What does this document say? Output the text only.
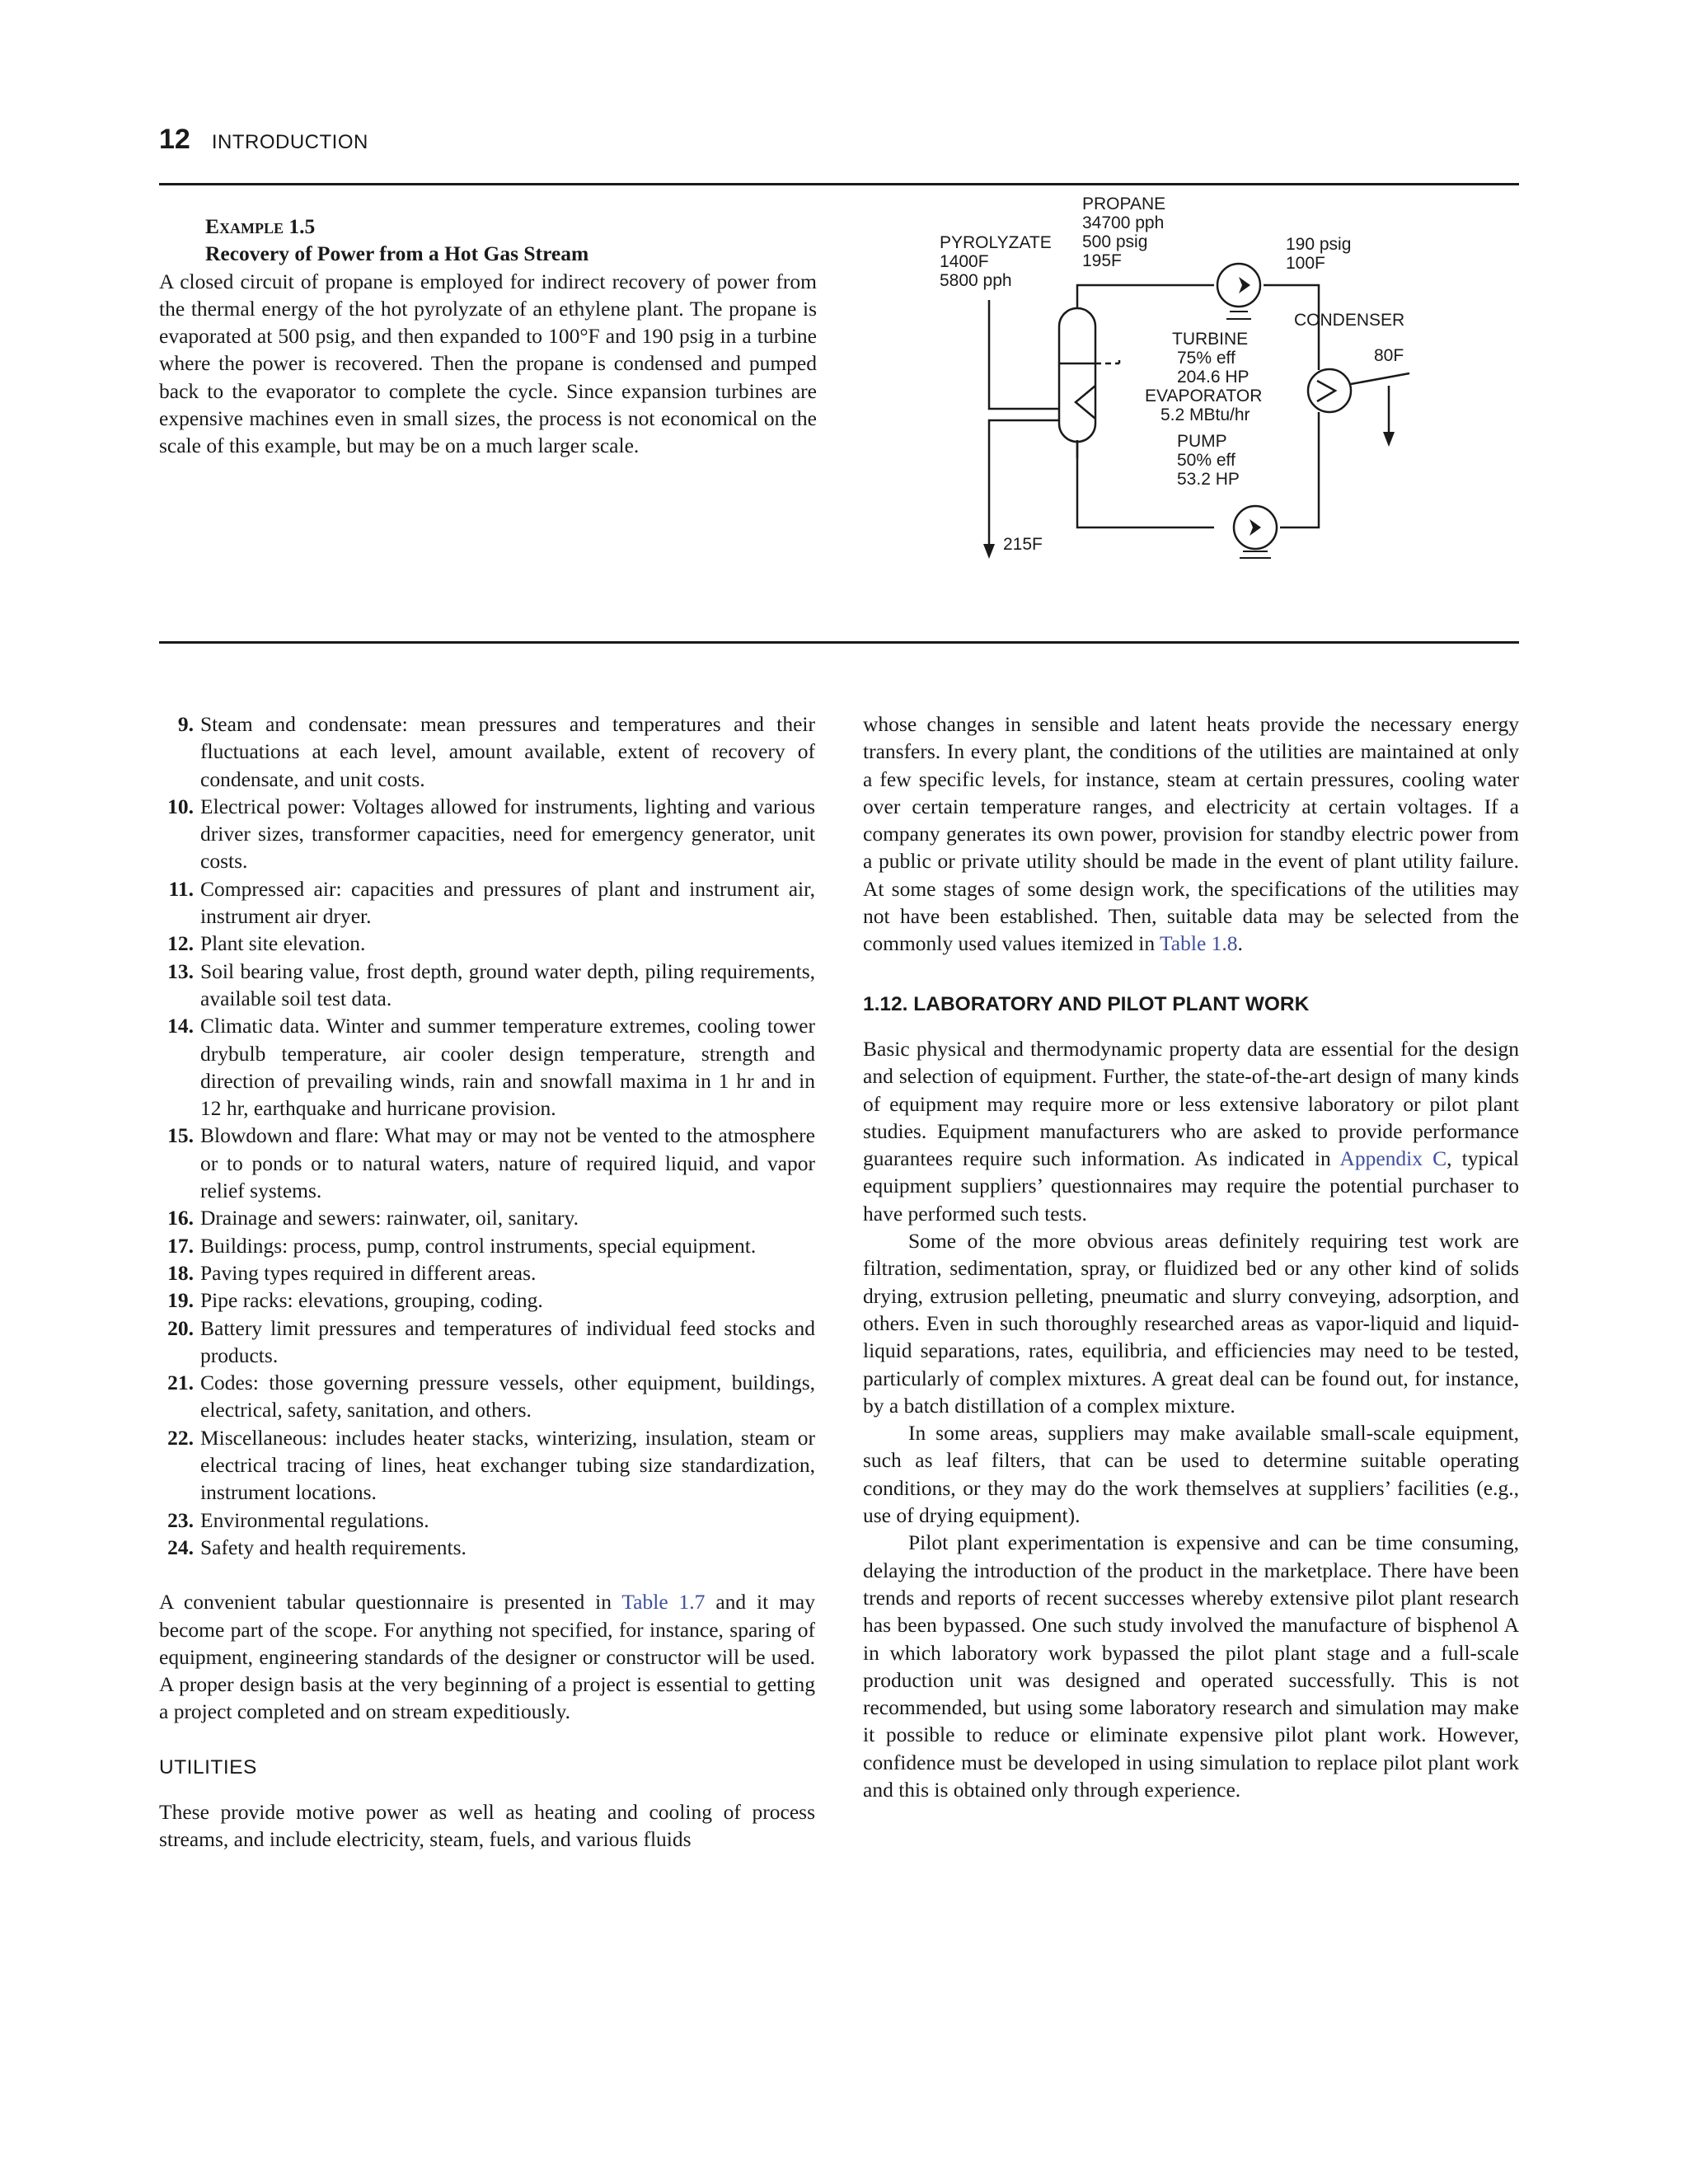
12 INTRODUCTION
Example 1.5
Recovery of Power from a Hot Gas Stream

A closed circuit of propane is employed for indirect recovery of power from the thermal energy of the hot pyrolyzate of an ethylene plant. The propane is evaporated at 500 psig, and then expanded to 100°F and 190 psig in a turbine where the power is recovered. Then the propane is condensed and pumped back to the evaporator to complete the cycle. Since expansion turbines are expensive machines even in small sizes, the process is not economical on the scale of this example, but may be on a much larger scale.

PYROLYZATE
1400F
5800 pph
PROPANE
34700 pph
500 psig
195F
190 psig
100F
CONDENSER
80F
TURBINE
75% eff
204.6 HP
EVAPORATOR
5.2 MBtu/hr
PUMP
50% eff
53.2 HP
215F
9. Steam and condensate: mean pressures and temperatures and their fluctuations at each level, amount available, extent of recovery of condensate, and unit costs.
10. Electrical power: Voltages allowed for instruments, lighting and various driver sizes, transformer capacities, need for emergency generator, unit costs.
11. Compressed air: capacities and pressures of plant and instrument air, instrument air dryer.
12. Plant site elevation.
13. Soil bearing value, frost depth, ground water depth, piling requirements, available soil test data.
14. Climatic data. Winter and summer temperature extremes, cooling tower drybulb temperature, air cooler design temperature, strength and direction of prevailing winds, rain and snowfall maxima in 1 hr and in 12 hr, earthquake and hurricane provision.
15. Blowdown and flare: What may or may not be vented to the atmosphere or to ponds or to natural waters, nature of required liquid, and vapor relief systems.
16. Drainage and sewers: rainwater, oil, sanitary.
17. Buildings: process, pump, control instruments, special equipment.
18. Paving types required in different areas.
19. Pipe racks: elevations, grouping, coding.
20. Battery limit pressures and temperatures of individual feed stocks and products.
21. Codes: those governing pressure vessels, other equipment, buildings, electrical, safety, sanitation, and others.
22. Miscellaneous: includes heater stacks, winterizing, insulation, steam or electrical tracing of lines, heat exchanger tubing size standardization, instrument locations.
23. Environmental regulations.
24. Safety and health requirements.

A convenient tabular questionnaire is presented in Table 1.7 and it may become part of the scope. For anything not specified, for instance, sparing of equipment, engineering standards of the designer or constructor will be used. A proper design basis at the very beginning of a project is essential to getting a project completed and on stream expeditiously.

UTILITIES

These provide motive power as well as heating and cooling of process streams, and include electricity, steam, fuels, and various fluids

whose changes in sensible and latent heats provide the necessary energy transfers. In every plant, the conditions of the utilities are maintained at only a few specific levels, for instance, steam at certain pressures, cooling water over certain temperature ranges, and electricity at certain voltages. If a company generates its own power, provision for standby electric power from a public or private utility should be made in the event of plant utility failure. At some stages of some design work, the specifications of the utilities may not have been established. Then, suitable data may be selected from the commonly used values itemized in Table 1.8.

1.12. LABORATORY AND PILOT PLANT WORK

Basic physical and thermodynamic property data are essential for the design and selection of equipment. Further, the state-of-the-art design of many kinds of equipment may require more or less extensive laboratory or pilot plant studies. Equipment manufacturers who are asked to provide performance guarantees require such information. As indicated in Appendix C, typical equipment suppliers’ questionnaires may require the potential purchaser to have performed such tests.

Some of the more obvious areas definitely requiring test work are filtration, sedimentation, spray, or fluidized bed or any other kind of solids drying, extrusion pelleting, pneumatic and slurry conveying, adsorption, and others. Even in such thoroughly researched areas as vapor-liquid and liquid-liquid separations, rates, equilibria, and efficiencies may need to be tested, particularly of complex mixtures. A great deal can be found out, for instance, by a batch distillation of a complex mixture.

In some areas, suppliers may make available small-scale equipment, such as leaf filters, that can be used to determine suitable operating conditions, or they may do the work themselves at suppliers’ facilities (e.g., use of drying equipment).

Pilot plant experimentation is expensive and can be time consuming, delaying the introduction of the product in the marketplace. There have been trends and reports of recent successes whereby extensive pilot plant research has been bypassed. One such study involved the manufacture of bisphenol A in which laboratory work bypassed the pilot plant stage and a full-scale production unit was designed and operated successfully. This is not recommended, but using some laboratory research and simulation may make it possible to reduce or eliminate expensive pilot plant work. However, confidence must be developed in using simulation to replace pilot plant work and this is obtained only through experience.
